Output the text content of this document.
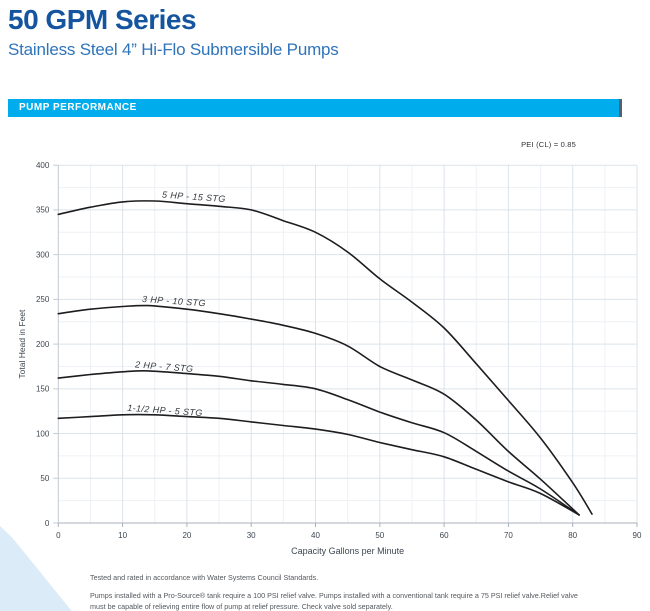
50 GPM Series
Stainless Steel 4” Hi-Flo Submersible Pumps
PUMP PERFORMANCE
PEI (CL) = 0.85
0	10	20	30	40	50	60	70	80	90
0
50
100
150
200
250
300
350
400
Capacity Gallons per Minute
Total Head in Feet
5 HP - 15 STG
3 HP - 10 STG
2 HP - 7 STG
1-1/2 HP - 5 STG
Tested and rated in accordance with Water Systems Council Standards.
Pumps installed with a Pro-Source® tank require a 100 PSI relief valve. Pumps installed with a conventional tank require a 75 PSI relief valve.Relief valve
must be capable of relieving entire flow of pump at relief pressure. Check valve sold separately.
